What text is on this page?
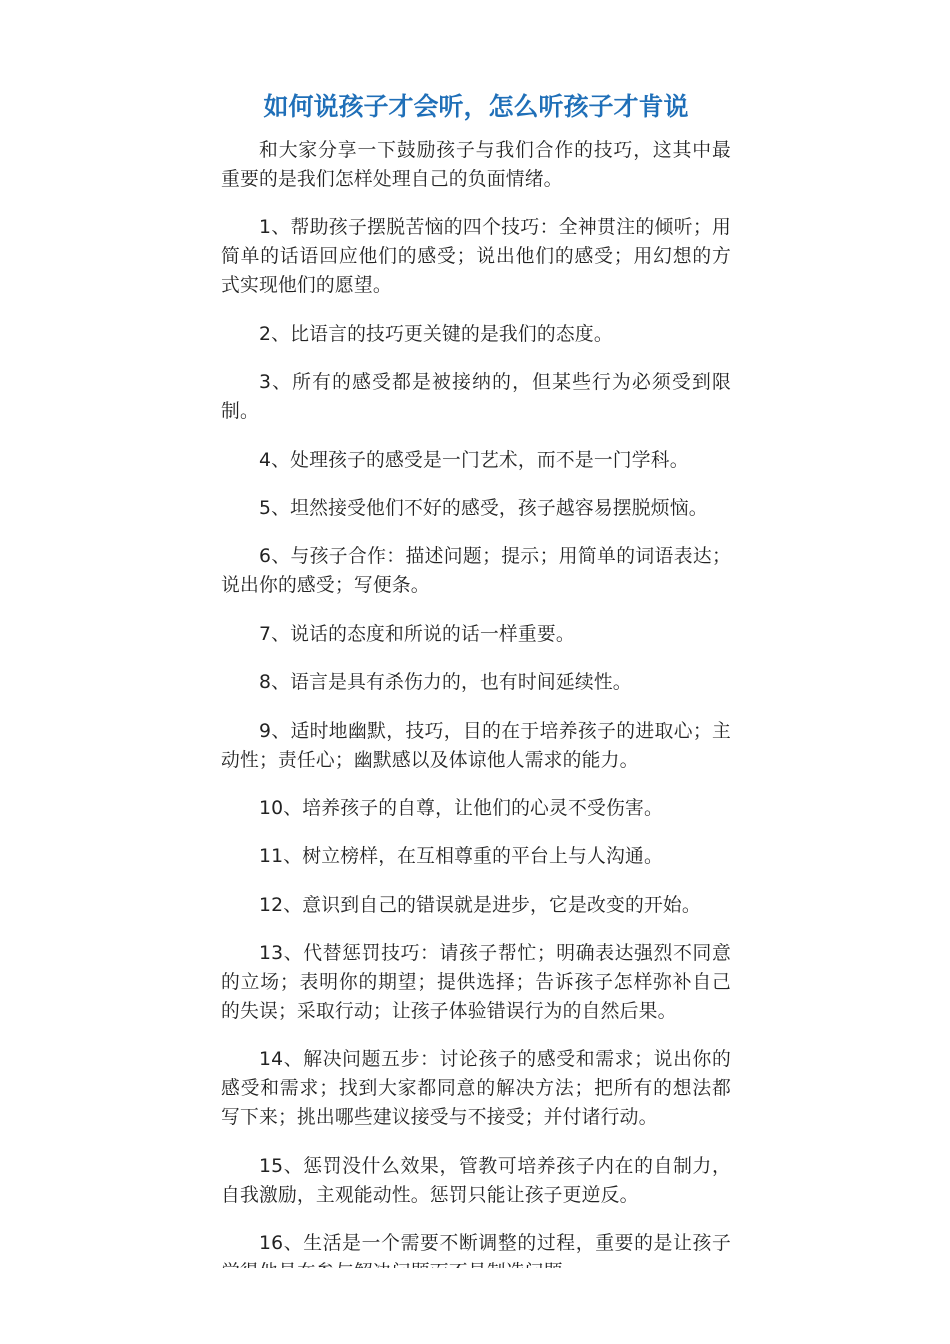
如何说孩子才会听，怎么听孩子才肯说

和大家分享一下鼓励孩子与我们合作的技巧，这其中最重要的是我们怎样处理自己的负面情绪。

1、帮助孩子摆脱苦恼的四个技巧：全神贯注的倾听；用简单的话语回应他们的感受；说出他们的感受；用幻想的方式实现他们的愿望。

2、比语言的技巧更关键的是我们的态度。

3、所有的感受都是被接纳的，但某些行为必须受到限制。

4、处理孩子的感受是一门艺术，而不是一门学科。

5、坦然接受他们不好的感受，孩子越容易摆脱烦恼。

6、与孩子合作：描述问题；提示；用简单的词语表达；说出你的感受；写便条。

7、说话的态度和所说的话一样重要。

8、语言是具有杀伤力的，也有时间延续性。

9、适时地幽默，技巧，目的在于培养孩子的进取心；主动性；责任心；幽默感以及体谅他人需求的能力。

10、培养孩子的自尊，让他们的心灵不受伤害。

11、树立榜样，在互相尊重的平台上与人沟通。

12、意识到自己的错误就是进步，它是改变的开始。

13、代替惩罚技巧：请孩子帮忙；明确表达强烈不同意的立场；表明你的期望；提供选择；告诉孩子怎样弥补自己的失误；采取行动；让孩子体验错误行为的自然后果。

14、解决问题五步：讨论孩子的感受和需求；说出你的感受和需求；找到大家都同意的解决方法；把所有的想法都写下来；挑出哪些建议接受与不接受；并付诸行动。

15、惩罚没什么效果，管教可培养孩子内在的自制力，自我激励，主观能动性。惩罚只能让孩子更逆反。

16、生活是一个需要不断调整的过程，重要的是让孩子
